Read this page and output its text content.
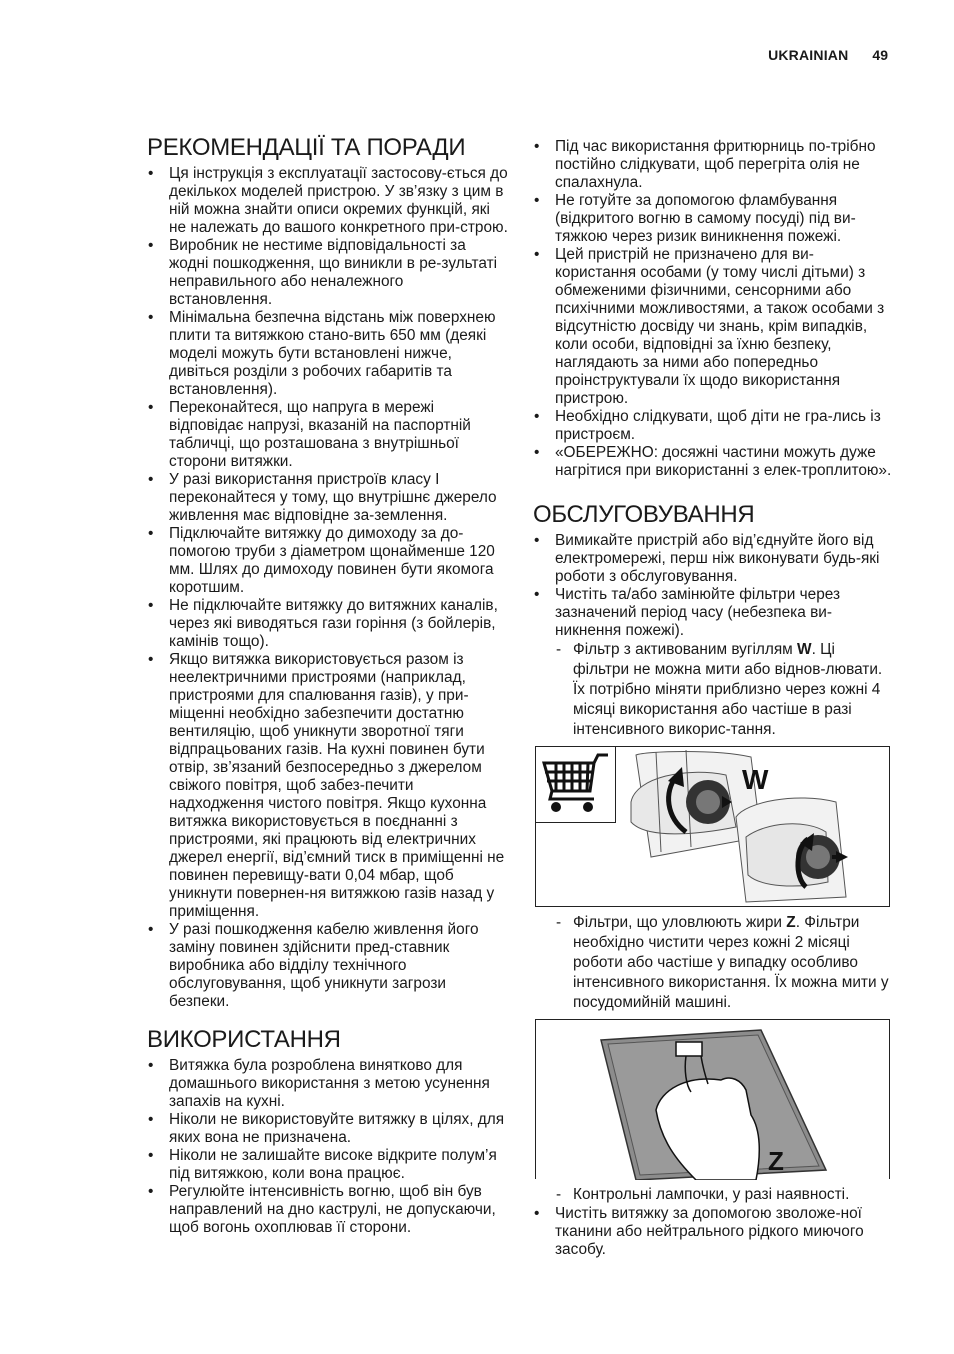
UKRAINIAN 49
РЕКОМЕНДАЦІЇ ТА ПОРАДИ
• Ця інструкція з експлуатації застосову-ється до декількох моделей пристрою. У зв’язку з цим в ній можна знайти описи окремих функцій, які не належать до вашого конкретного при-строю.
• Виробник не нестиме відповідальності за жодні пошкодження, що виникли в ре-зультаті неправильного або неналежного встановлення.
• Мінімальна безпечна відстань між поверхнею плити та витяжкою стано-вить 650 мм (деякі моделі можуть бути встановлені нижче, дивіться розділи з робочих габаритів та встановлення).
• Переконайтеся, що напруга в мережі відповідає напрузі, вказаній на паспортній табличці, що розташована з внутрішньої сторони витяжки.
• У разі використання пристроїв класу І переконайтеся у тому, що внутрішнє джерело живлення має відповідне за-землення.
• Підключайте витяжку до димоходу за до-помогою труби з діаметром щонайменше 120 мм. Шлях до димоходу повинен бути якомога коротшим.
• Не підключайте витяжку до витяжних каналів, через які виводяться гази горіння (з бойлерів, камінів тощо).
• Якщо витяжка використовується разом із неелектричними пристроями (наприклад, пристроями для спалювання газів), у при-міщенні необхідно забезпечити достатню вентиляцію, щоб уникнути зворотної тяги відпрацьованих газів. На кухні повинен бути отвір, зв’язаний безпосередньо з джерелом свіжого повітря, щоб забез-печити надходження чистого повітря. Якщо кухонна витяжка використовується в поєднанні з пристроями, які працюють від електричних джерел енергії, від’ємний тиск в приміщенні не повинен перевищу-вати 0,04 мбар, щоб уникнути повернен-ня витяжкою газів назад у приміщення.
• У разі пошкодження кабелю живлення його заміну повинен здійснити пред-ставник виробника або відділу технічного обслуговування, щоб уникнути загрози безпеки.
ВИКОРИСТАННЯ
• Витяжка була розроблена винятково для домашнього використання з метою усунення запахів на кухні.
• Ніколи не використовуйте витяжку в цілях, для яких вона не призначена.
• Ніколи не залишайте високе відкрите полум’я під витяжкою, коли вона працює.
• Регулюйте інтенсивність вогню, щоб він був направлений на дно каструлі, не допускаючи, щоб вогонь охоплював її сторони.
• Під час використання фритюрниць по-трібно постійно слідкувати, щоб перегріта олія не спалахнула.
• Не готуйте за допомогою фламбування (відкритого вогню в самому посуді) під ви-тяжкою через ризик виникнення пожежі.
• Цей пристрій не призначено для ви-користання особами (у тому числі дітьми) з обмеженими фізичними, сенсорними або психічними можливостями, а також особами з відсутністю досвіду чи знань, крім випадків, коли особи, відповідні за їхню безпеку, наглядають за ними або попередньо проінструктували їх щодо використання пристрою.
• Необхідно слідкувати, щоб діти не гра-лись із пристроєм.
• «ОБЕРЕЖНО: досяжні частини можуть дуже нагрітися при використанні з елек-троплитою».
ОБСЛУГОВУВАННЯ
• Вимикайте пристрій або від’єднуйте його від електромережі, перш ніж виконувати будь-які роботи з обслуговування.
• Чистіть та/або замінюйте фільтри через зазначений період часу (небезпека ви-никнення пожежі).
- Фільтр з активованим вугіллям W. Ці фільтри не можна мити або віднов-лювати. Їх потрібно міняти приблизно через кожні 4 місяці використання або частіше в разі інтенсивного викорис-тання.
W
- Фільтри, що уловлюють жири Z. Фільтри необхідно чистити через кожні 2 місяці роботи або частіше у випадку особливо інтенсивного використання. Їх можна мити у посудомийній машині.
Z
- Контрольні лампочки, у разі наявності.
• Чистіть витяжку за допомогою зволоже-ної тканини або нейтрального рідкого миючого засобу.
